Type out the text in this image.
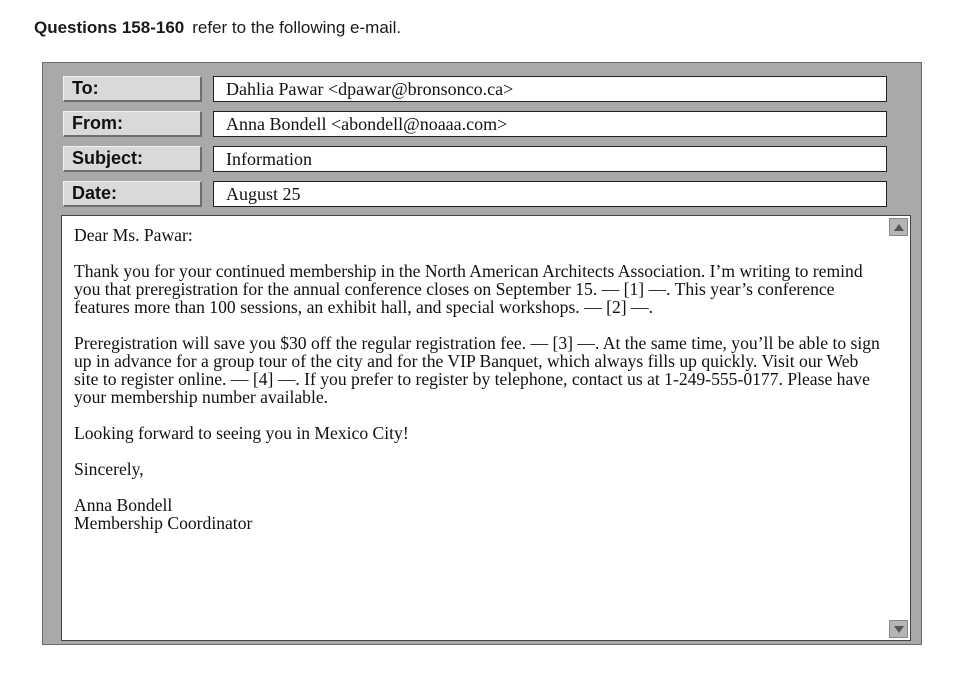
Questions 158-160 refer to the following e-mail.
To:	Dahlia Pawar <dpawar@bronsonco.ca>
From:	Anna Bondell <abondell@noaaa.com>
Subject:	Information
Date:	August 25

Dear Ms. Pawar:

Thank you for your continued membership in the North American Architects Association. I’m writing to remind you that preregistration for the annual conference closes on September 15. — [1] —. This year’s conference features more than 100 sessions, an exhibit hall, and special workshops. — [2] —.

Preregistration will save you $30 off the regular registration fee. — [3] —. At the same time, you’ll be able to sign up in advance for a group tour of the city and for the VIP Banquet, which always fills up quickly. Visit our Web site to register online. — [4] —. If you prefer to register by telephone, contact us at 1-249-555-0177. Please have your membership number available.

Looking forward to seeing you in Mexico City!

Sincerely,

Anna Bondell

Membership Coordinator
